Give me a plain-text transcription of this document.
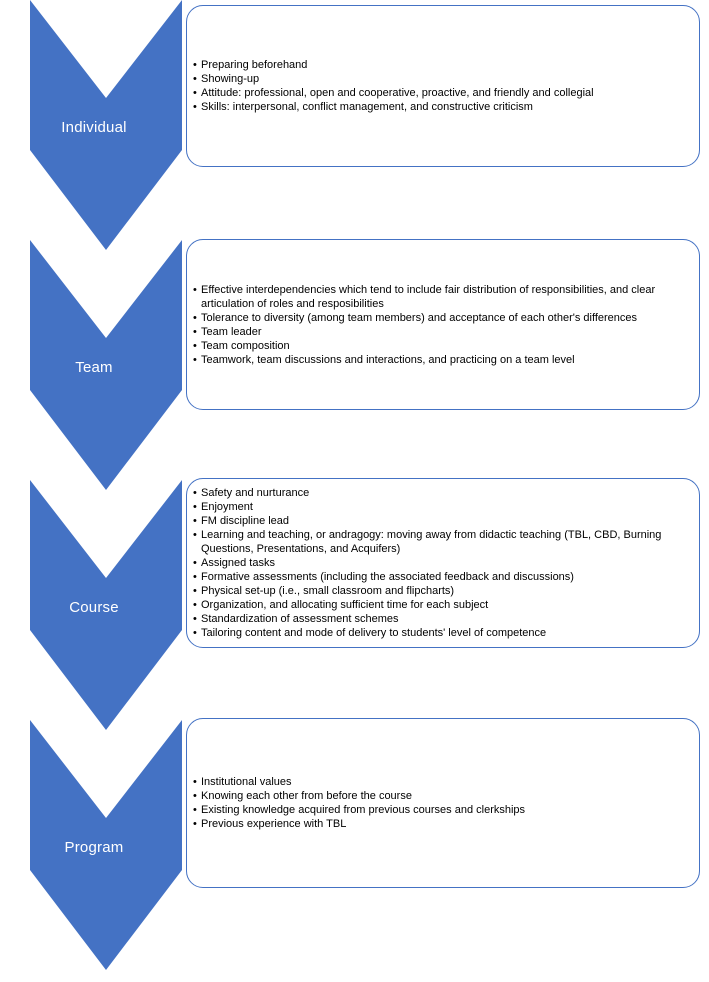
Individual
• Preparing beforehand
• Showing-up
• Attitude: professional, open and cooperative, proactive, and friendly and collegial
• Skills: interpersonal, conflict management, and constructive criticism
Team
• Effective interdependencies which tend to include fair distribution of responsibilities, and clear articulation of roles and resposibilities
• Tolerance to diversity (among team members) and acceptance of each other's differences
• Team leader
• Team composition
• Teamwork, team discussions and interactions, and practicing on a team level
Course
• Safety and nurturance
• Enjoyment
• FM discipline lead
• Learning and teaching, or andragogy: moving away from didactic teaching (TBL, CBD, Burning Questions, Presentations, and Acquifers)
• Assigned tasks
• Formative assessments (including the associated feedback and discussions)
• Physical set-up (i.e., small classroom and flipcharts)
• Organization, and allocating sufficient time for each subject
• Standardization of assessment schemes
• Tailoring content and mode of delivery to students' level of competence
Program
• Institutional values
• Knowing each other from before the course
• Existing knowledge acquired from previous courses and clerkships
• Previous experience with TBL
